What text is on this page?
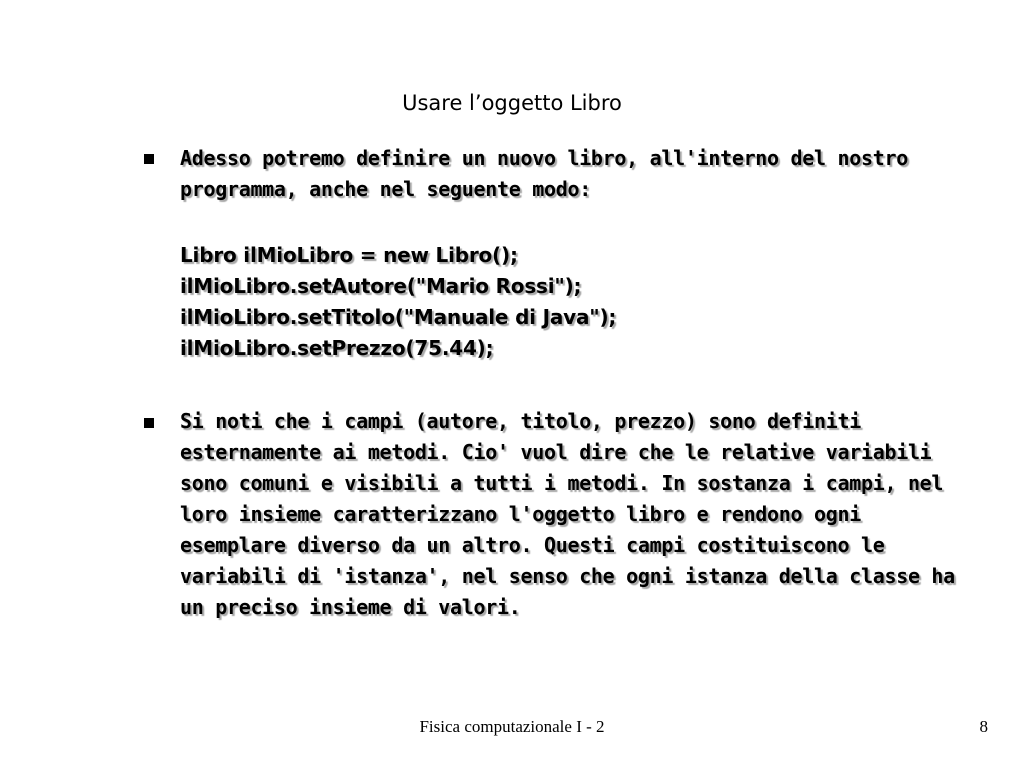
Usare l’oggetto Libro
Adesso potremo definire un nuovo libro, all'interno del nostro
programma, anche nel seguente modo:
Libro ilMioLibro = new Libro();
ilMioLibro.setAutore("Mario Rossi");
ilMioLibro.setTitolo("Manuale di Java");
ilMioLibro.setPrezzo(75.44);
Si noti che i campi (autore, titolo, prezzo) sono definiti
esternamente ai metodi. Cio' vuol dire che le relative variabili
sono comuni e visibili a tutti i metodi. In sostanza i campi, nel
loro insieme caratterizzano l'oggetto libro e rendono ogni
esemplare diverso da un altro. Questi campi costituiscono le
variabili di 'istanza', nel senso che ogni istanza della classe ha
un preciso insieme di valori.
Fisica computazionale I - 2	8
